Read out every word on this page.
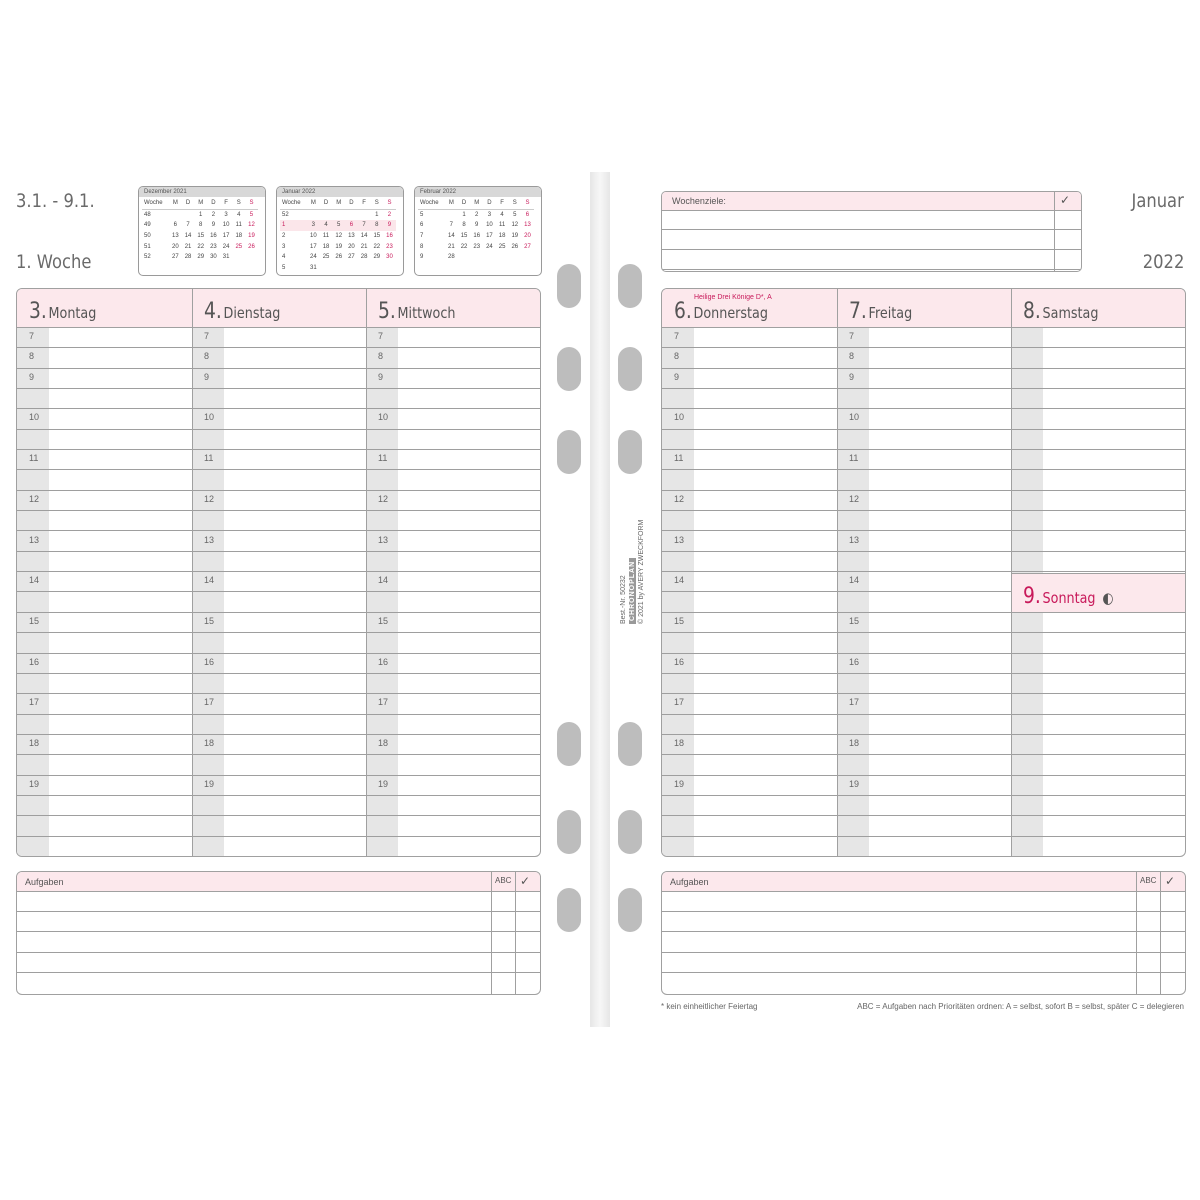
3.1. - 9.1.
1. Woche
Januar
2022
Dezember 2021
Woche	M	D	M	D	F	S	S
48			1	2	3	4	5
49	6	7	8	9	10	11	12
50	13	14	15	16	17	18	19
51	20	21	22	23	24	25	26
52	27	28	29	30	31		
Januar 2022
Woche	M	D	M	D	F	S	S
52						1	2
1	3	4	5	6	7	8	9
2	10	11	12	13	14	15	16
3	17	18	19	20	21	22	23
4	24	25	26	27	28	29	30
5	31						
Februar 2022
Woche	M	D	M	D	F	S	S
5		1	2	3	4	5	6
6	7	8	9	10	11	12	13
7	14	15	16	17	18	19	20
8	21	22	23	24	25	26	27
9	28						
3. Montag
7
8
9
10
11
12
13
14
15
16
17
18
19
4. Dienstag
7
8
9
10
11
12
13
14
15
16
17
18
19
5. Mittwoch
7
8
9
10
11
12
13
14
15
16
17
18
19
6. Donnerstag
Heilige Drei Könige D*, A
7
8
9
10
11
12
13
14
15
16
17
18
19
7. Freitag
7
8
9
10
11
12
13
14
15
16
17
18
19
8. Samstag
9. Sonntag ◐
Wochenziele:	✓
Aufgaben	ABC ✓	Aufgaben	ABC ✓
Best.-Nr. 50232 CHRONOPLAN © 2021 by AVERY ZWECKFORM
* kein einheitlicher Feiertag	ABC = Aufgaben nach Prioritäten ordnen: A = selbst, sofort B = selbst, später C = delegieren
